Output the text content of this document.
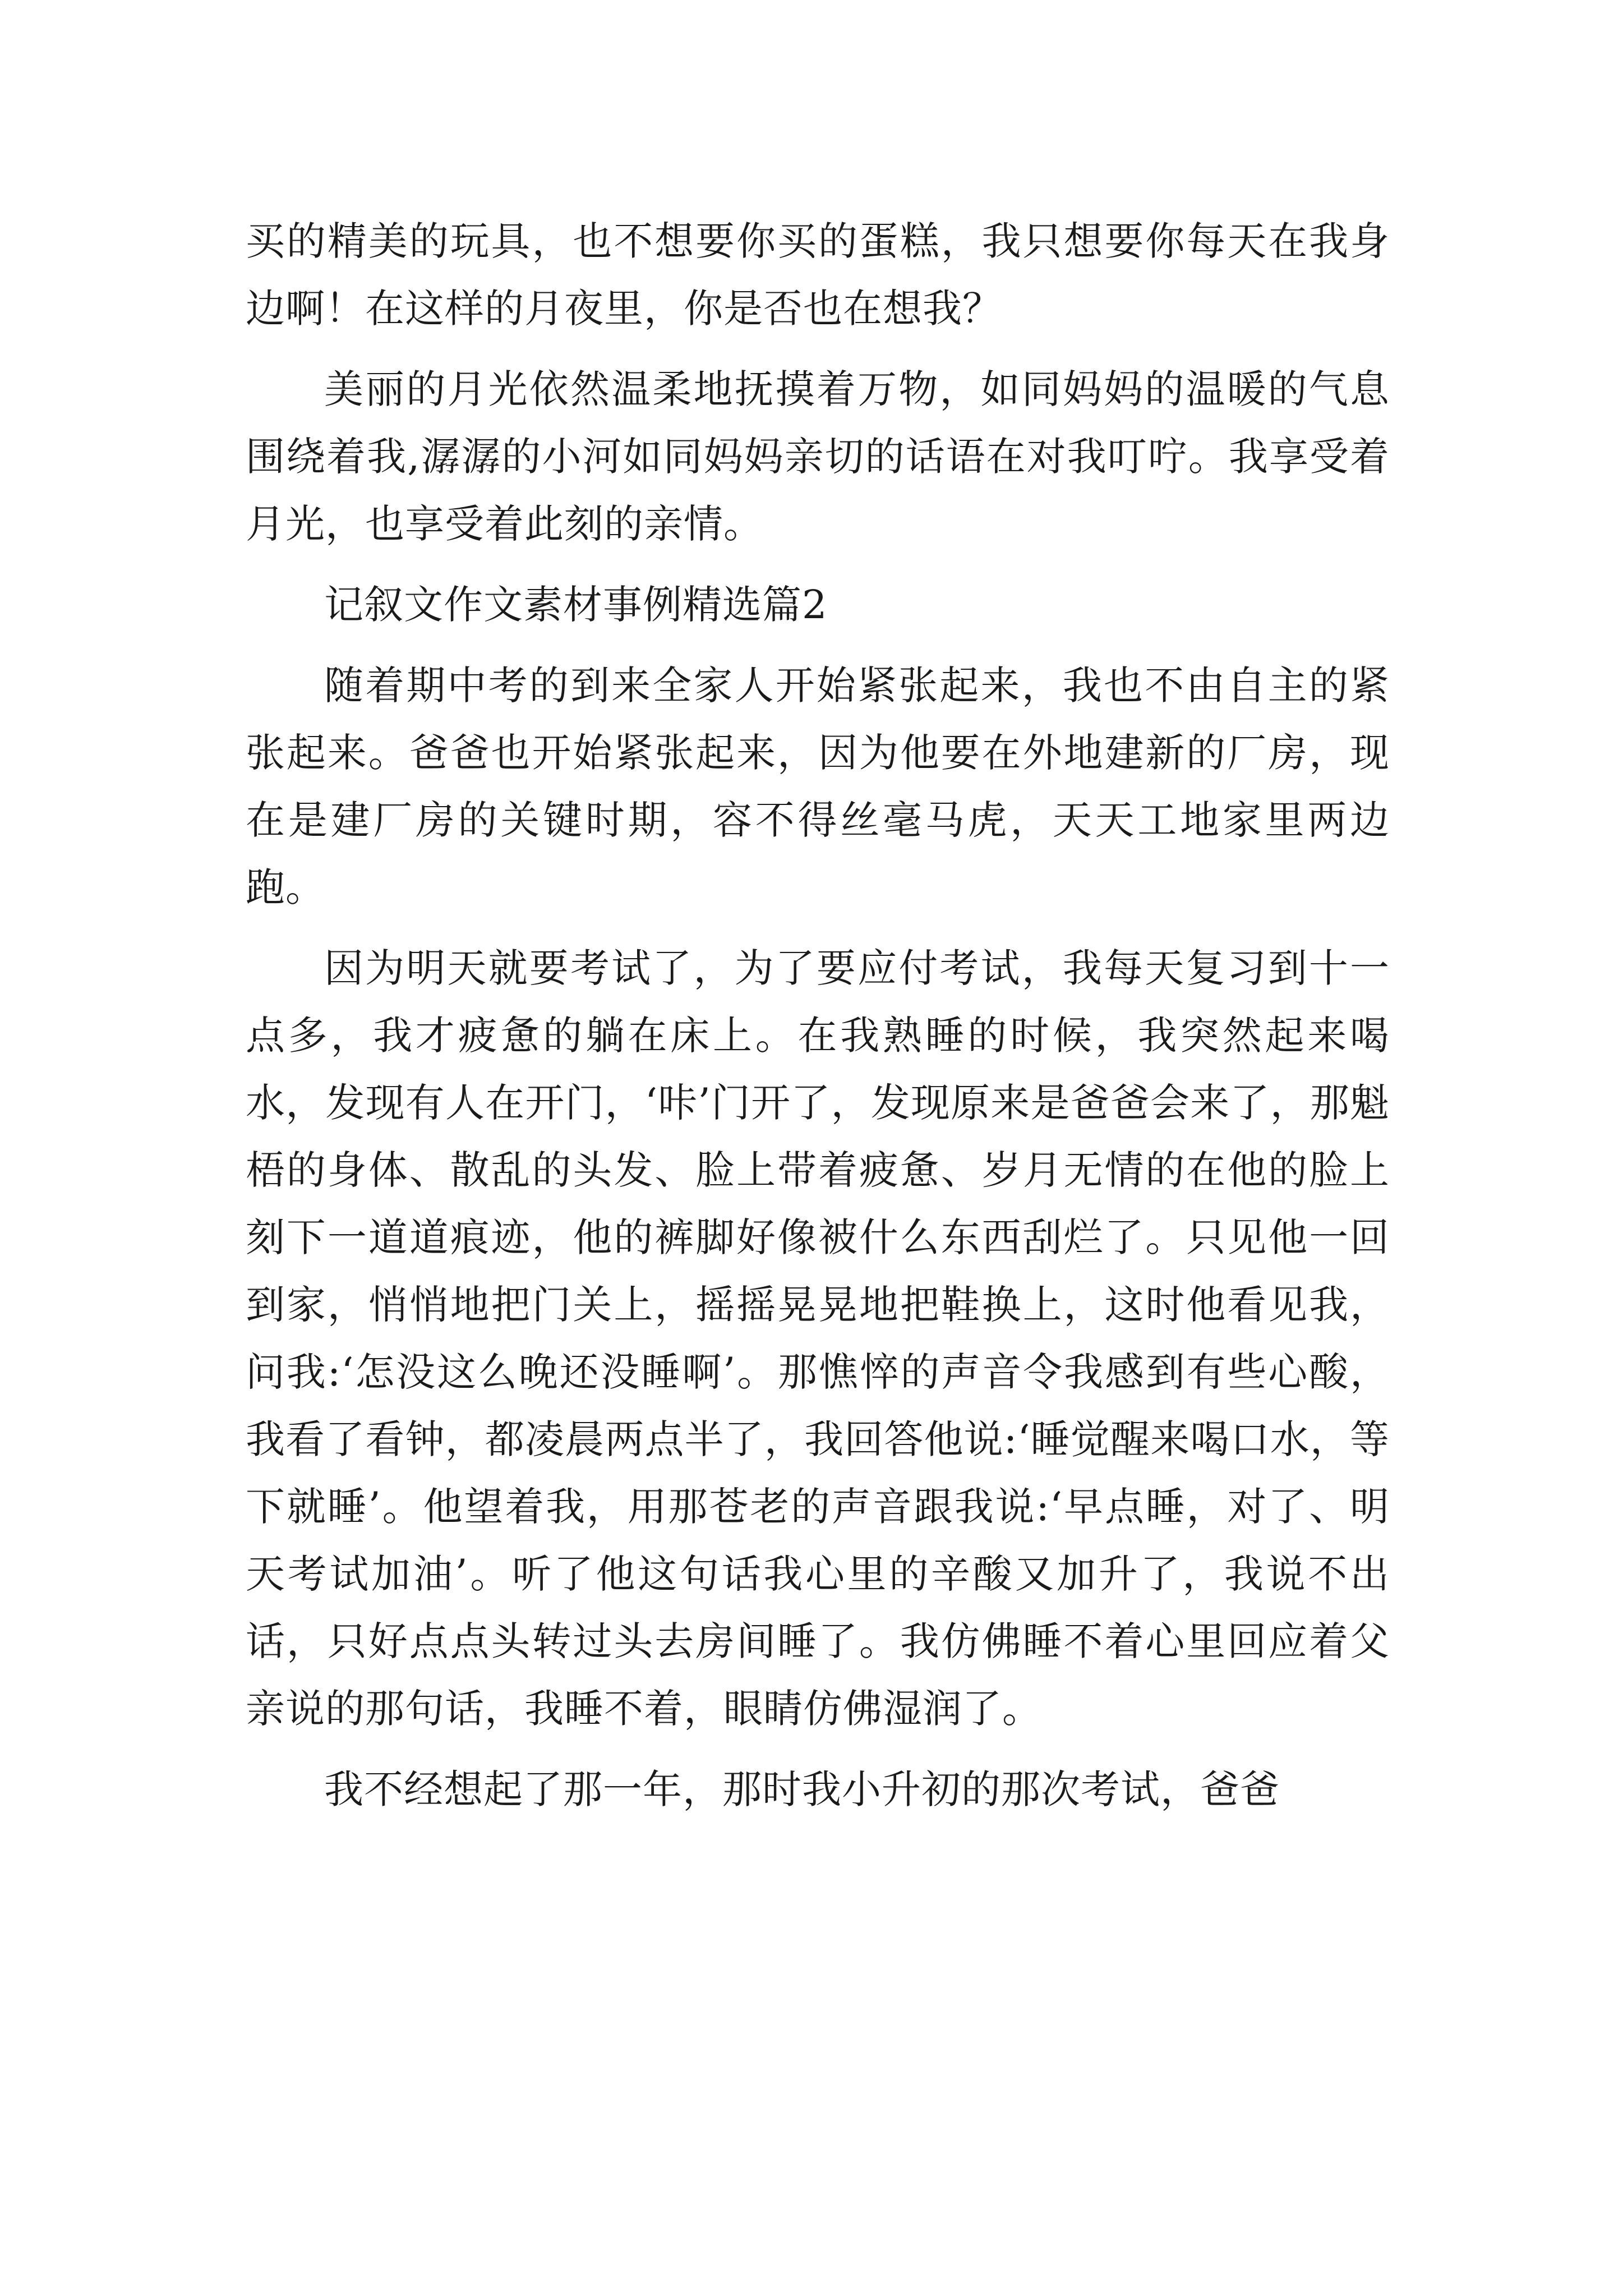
买的精美的玩具，也不想要你买的蛋糕，我只想要你每天在我身边啊！在这样的月夜里，你是否也在想我？

美丽的月光依然温柔地抚摸着万物，如同妈妈的温暖的气息围绕着我,潺潺的小河如同妈妈亲切的话语在对我叮咛。我享受着月光，也享受着此刻的亲情。

记叙文作文素材事例精选篇2

随着期中考的到来全家人开始紧张起来，我也不由自主的紧张起来。爸爸也开始紧张起来，因为他要在外地建新的厂房，现在是建厂房的关键时期，容不得丝毫马虎，天天工地家里两边跑。

因为明天就要考试了，为了要应付考试，我每天复习到十一点多，我才疲惫的躺在床上。在我熟睡的时候，我突然起来喝水，发现有人在开门，‘咔’门开了，发现原来是爸爸会来了，那魁梧的身体、散乱的头发、脸上带着疲惫、岁月无情的在他的脸上刻下一道道痕迹，他的裤脚好像被什么东西刮烂了。只见他一回到家，悄悄地把门关上，摇摇晃晃地把鞋换上，这时他看见我，问我:‘怎没这么晚还没睡啊’。那憔悴的声音令我感到有些心酸，我看了看钟，都凌晨两点半了，我回答他说:‘睡觉醒来喝口水，等下就睡’。他望着我，用那苍老的声音跟我说:‘早点睡，对了、明天考试加油’。听了他这句话我心里的辛酸又加升了，我说不出话，只好点点头转过头去房间睡了。我仿佛睡不着心里回应着父亲说的那句话，我睡不着，眼睛仿佛湿润了。

我不经想起了那一年，那时我小升初的那次考试，爸爸
